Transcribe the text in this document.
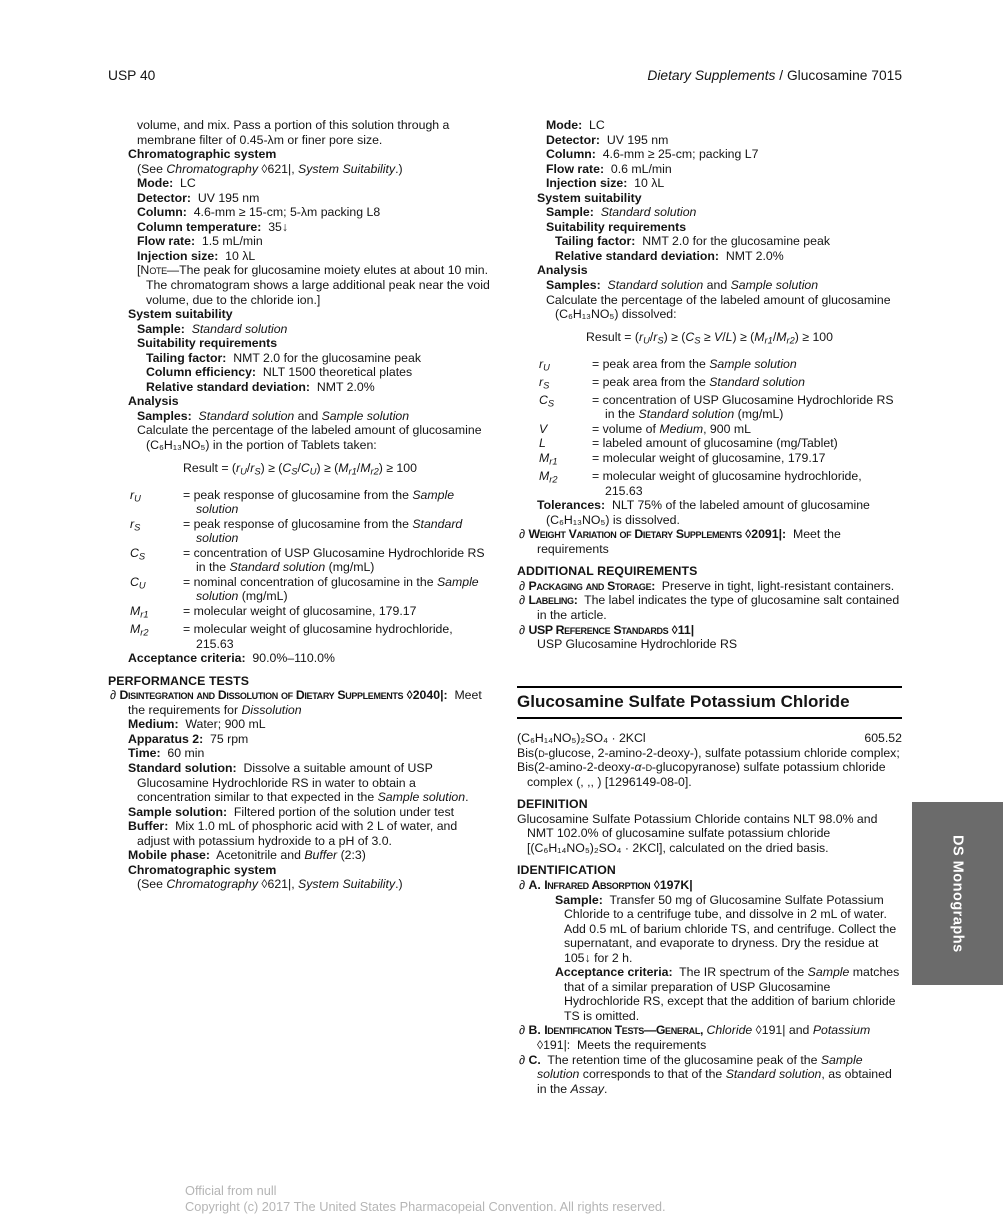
USP 40	Dietary Supplements / Glucosamine 7015

volume, and mix. Pass a portion of this solution through a membrane filter of 0.45-λm or finer pore size.

Chromatographic system

(See Chromatography ◊621|, System Suitability.)

Mode:  LC

Detector:  UV 195 nm

Column:  4.6-mm ≥ 15-cm; 5-λm packing L8

Column temperature:  35↓

Flow rate:  1.5 mL/min

Injection size:  10 λL

[Note—The peak for glucosamine moiety elutes at about 10 min. The chromatogram shows a large additional peak near the void volume, due to the chloride ion.]

System suitability

Sample: Standard solution

Suitability requirements

Tailing factor:  NMT 2.0 for the glucosamine peak

Column efficiency:  NLT 1500 theoretical plates

Relative standard deviation:  NMT 2.0%

Analysis

Samples: Standard solution and Sample solution

Calculate the percentage of the labeled amount of glucosamine (C₆H₁₃NO₅) in the portion of Tablets taken:

Result = $(r_U/r_S) \ge (C_S/C_U) \ge (M_{r1}/M_{r2}) \ge 100$

$r_U$	= peak response of glucosamine from the Sample solution
$r_S$	= peak response of glucosamine from the Standard solution
$C_S$	= concentration of USP Glucosamine Hydrochloride RS in the Standard solution (mg/mL)
$C_U$	= nominal concentration of glucosamine in the Sample solution (mg/mL)
$M_{r1}$	= molecular weight of glucosamine, 179.17
$M_{r2}$	= molecular weight of glucosamine hydrochloride, 215.63

Acceptance criteria:  90.0%–110.0%

PERFORMANCE TESTS

∂ Disintegration and Dissolution of Dietary Supplements ◊2040|:  Meet the requirements for Dissolution

Medium:  Water; 900 mL

Apparatus 2:  75 rpm

Time:  60 min

Standard solution:  Dissolve a suitable amount of USP Glucosamine Hydrochloride RS in water to obtain a concentration similar to that expected in the Sample solution.

Sample solution:  Filtered portion of the solution under test

Buffer:  Mix 1.0 mL of phosphoric acid with 2 L of water, and adjust with potassium hydroxide to a pH of 3.0.

Mobile phase:  Acetonitrile and Buffer (2:3)

Chromatographic system

(See Chromatography ◊621|, System Suitability.)

Mode:  LC

Detector:  UV 195 nm

Column:  4.6-mm ≥ 25-cm; packing L7

Flow rate:  0.6 mL/min

Injection size:  10 λL

System suitability

Sample: Standard solution

Suitability requirements

Tailing factor:  NMT 2.0 for the glucosamine peak

Relative standard deviation:  NMT 2.0%

Analysis

Samples: Standard solution and Sample solution

Calculate the percentage of the labeled amount of glucosamine (C₆H₁₃NO₅) dissolved:

Result = $(r_U/r_S) \ge (C_S \ge V/L) \ge (M_{r1}/M_{r2}) \ge 100$

$r_U$	= peak area from the Sample solution
$r_S$	= peak area from the Standard solution
$C_S$	= concentration of USP Glucosamine Hydrochloride RS in the Standard solution (mg/mL)
V	= volume of Medium, 900 mL
L	= labeled amount of glucosamine (mg/Tablet)
$M_{r1}$	= molecular weight of glucosamine, 179.17
$M_{r2}$	= molecular weight of glucosamine hydrochloride, 215.63

Tolerances:  NLT 75% of the labeled amount of glucosamine (C₆H₁₃NO₅) is dissolved.

∂ Weight Variation of Dietary Supplements ◊2091|:  Meet the requirements

ADDITIONAL REQUIREMENTS

∂ Packaging and Storage:  Preserve in tight, light-resistant containers.

∂ Labeling:  The label indicates the type of glucosamine salt contained in the article.

∂ USP Reference Standards ◊11|

USP Glucosamine Hydrochloride RS

Glucosamine Sulfate Potassium Chloride
(C₆H₁₄NO₅)₂SO₄ · 2KCl	605.52

Bis(d-glucose, 2-amino-2-deoxy-), sulfate potassium chloride complex;

Bis(2-amino-2-deoxy-α-d-glucopyranose) sulfate potassium chloride complex (, ,, ) [1296149-08-0].

DEFINITION

Glucosamine Sulfate Potassium Chloride contains NLT 98.0% and NMT 102.0% of glucosamine sulfate potassium chloride [(C₆H₁₄NO₅)₂SO₄ · 2KCl], calculated on the dried basis.

IDENTIFICATION

∂ A. Infrared Absorption ◊197K|

Sample:  Transfer 50 mg of Glucosamine Sulfate Potassium Chloride to a centrifuge tube, and dissolve in 2 mL of water. Add 0.5 mL of barium chloride TS, and centrifuge. Collect the supernatant, and evaporate to dryness. Dry the residue at 105↓ for 2 h.

Acceptance criteria:  The IR spectrum of the Sample matches that of a similar preparation of USP Glucosamine Hydrochloride RS, except that the addition of barium chloride TS is omitted.

∂ B. Identification Tests—General, Chloride ◊191| and Potassium ◊191|:  Meets the requirements

∂ C.  The retention time of the glucosamine peak of the Sample solution corresponds to that of the Standard solution, as obtained in the Assay.

DS Monographs
Official from null
Copyright (c) 2017 The United States Pharmacopeial Convention. All rights reserved.
